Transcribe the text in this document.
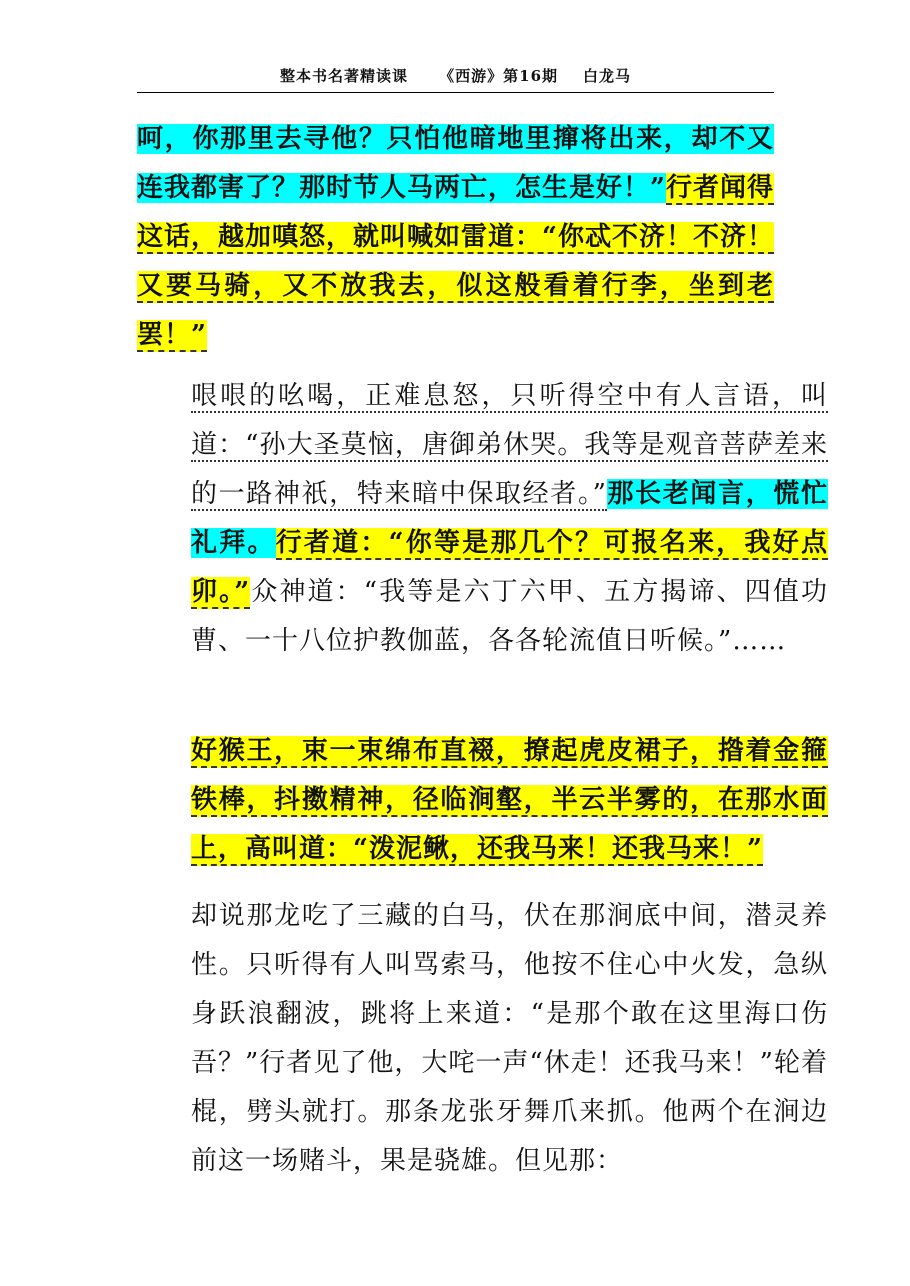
整本书名著精读课 《西游》第16期 白龙马
呵，你那里去寻他？只怕他暗地里撺将出来，却不又连我都害了？那时节人马两亡，怎生是好！”行者闻得这话，越加嗔怒，就叫喊如雷道：“你忒不济！不济！又要马骑，又不放我去，似这般看着行李，坐到老罢！”
哏哏的吆喝，正难息怒，只听得空中有人言语，叫道：“孙大圣莫恼，唐御弟休哭。我等是观音菩萨差来的一路神祇，特来暗中保取经者。”那长老闻言，慌忙礼拜。行者道：“你等是那几个？可报名来，我好点卯。”众神道：“我等是六丁六甲、五方揭谛、四值功曹、一十八位护教伽蓝，各各轮流值日听候。”……
好猴王，束一束绵布直裰，撩起虎皮裙子，揝着金箍铁棒，抖擞精神，径临涧壑，半云半雾的，在那水面上，高叫道：“泼泥鳅，还我马来！还我马来！”
却说那龙吃了三藏的白马，伏在那涧底中间，潜灵养性。只听得有人叫骂索马，他按不住心中火发，急纵身跃浪翻波，跳将上来道：“是那个敢在这里海口伤吾？”行者见了他，大咤一声“休走！还我马来！”轮着棍，劈头就打。那条龙张牙舞爪来抓。他两个在涧边前这一场赌斗，果是骁雄。但见那：
